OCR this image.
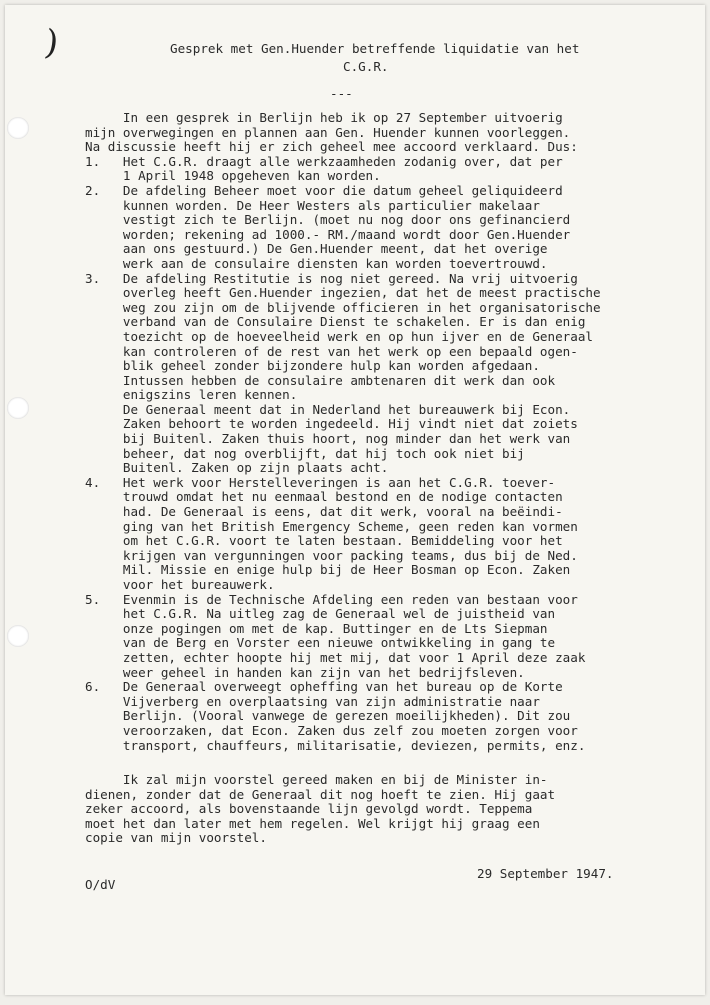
)	Gesprek met Gen.Huender betreffende liquidatie van het
C.G.R.
---
In een gesprek in Berlijn heb ik op 27 September uitvoerig
mijn overwegingen en plannen aan Gen. Huender kunnen voorleggen.
Na discussie heeft hij er zich geheel mee accoord verklaard. Dus:
1.   Het C.G.R. draagt alle werkzaamheden zodanig over, dat per
1 April 1948 opgeheven kan worden.
2.   De afdeling Beheer moet voor die datum geheel geliquideerd
kunnen worden. De Heer Westers als particulier makelaar
vestigt zich te Berlijn. (moet nu nog door ons gefinancierd
worden; rekening ad 1000.- RM./maand wordt door Gen.Huender
aan ons gestuurd.) De Gen.Huender meent, dat het overige
werk aan de consulaire diensten kan worden toevertrouwd.
3.   De afdeling Restitutie is nog niet gereed. Na vrij uitvoerig
overleg heeft Gen.Huender ingezien, dat het de meest practische
weg zou zijn om de blijvende officieren in het organisatorische
verband van de Consulaire Dienst te schakelen. Er is dan enig
toezicht op de hoeveelheid werk en op hun ijver en de Generaal
kan controleren of de rest van het werk op een bepaald ogen-
blik geheel zonder bijzondere hulp kan worden afgedaan.
Intussen hebben de consulaire ambtenaren dit werk dan ook
enigszins leren kennen.
De Generaal meent dat in Nederland het bureauwerk bij Econ.
Zaken behoort te worden ingedeeld. Hij vindt niet dat zoiets
bij Buitenl. Zaken thuis hoort, nog minder dan het werk van
beheer, dat nog overblijft, dat hij toch ook niet bij
Buitenl. Zaken op zijn plaats acht.
4.   Het werk voor Herstelleveringen is aan het C.G.R. toever-
trouwd omdat het nu eenmaal bestond en de nodige contacten
had. De Generaal is eens, dat dit werk, vooral na beëindi-
ging van het British Emergency Scheme, geen reden kan vormen
om het C.G.R. voort te laten bestaan. Bemiddeling voor het
krijgen van vergunningen voor packing teams, dus bij de Ned.
Mil. Missie en enige hulp bij de Heer Bosman op Econ. Zaken
voor het bureauwerk.
5.   Evenmin is de Technische Afdeling een reden van bestaan voor
het C.G.R. Na uitleg zag de Generaal wel de juistheid van
onze pogingen om met de kap. Buttinger en de Lts Siepman
van de Berg en Vorster een nieuwe ontwikkeling in gang te
zetten, echter hoopte hij met mij, dat voor 1 April deze zaak
weer geheel in handen kan zijn van het bedrijfsleven.
6.   De Generaal overweegt opheffing van het bureau op de Korte
Vijverberg en overplaatsing van zijn administratie naar
Berlijn. (Vooral vanwege de gerezen moeilijkheden). Dit zou
veroorzaken, dat Econ. Zaken dus zelf zou moeten zorgen voor
transport, chauffeurs, militarisatie, deviezen, permits, enz.
Ik zal mijn voorstel gereed maken en bij de Minister in-
dienen, zonder dat de Generaal dit nog hoeft te zien. Hij gaat
zeker accoord, als bovenstaande lijn gevolgd wordt. Teppema
moet het dan later met hem regelen. Wel krijgt hij graag een
copie van mijn voorstel.
29 September 1947.
O/dV
